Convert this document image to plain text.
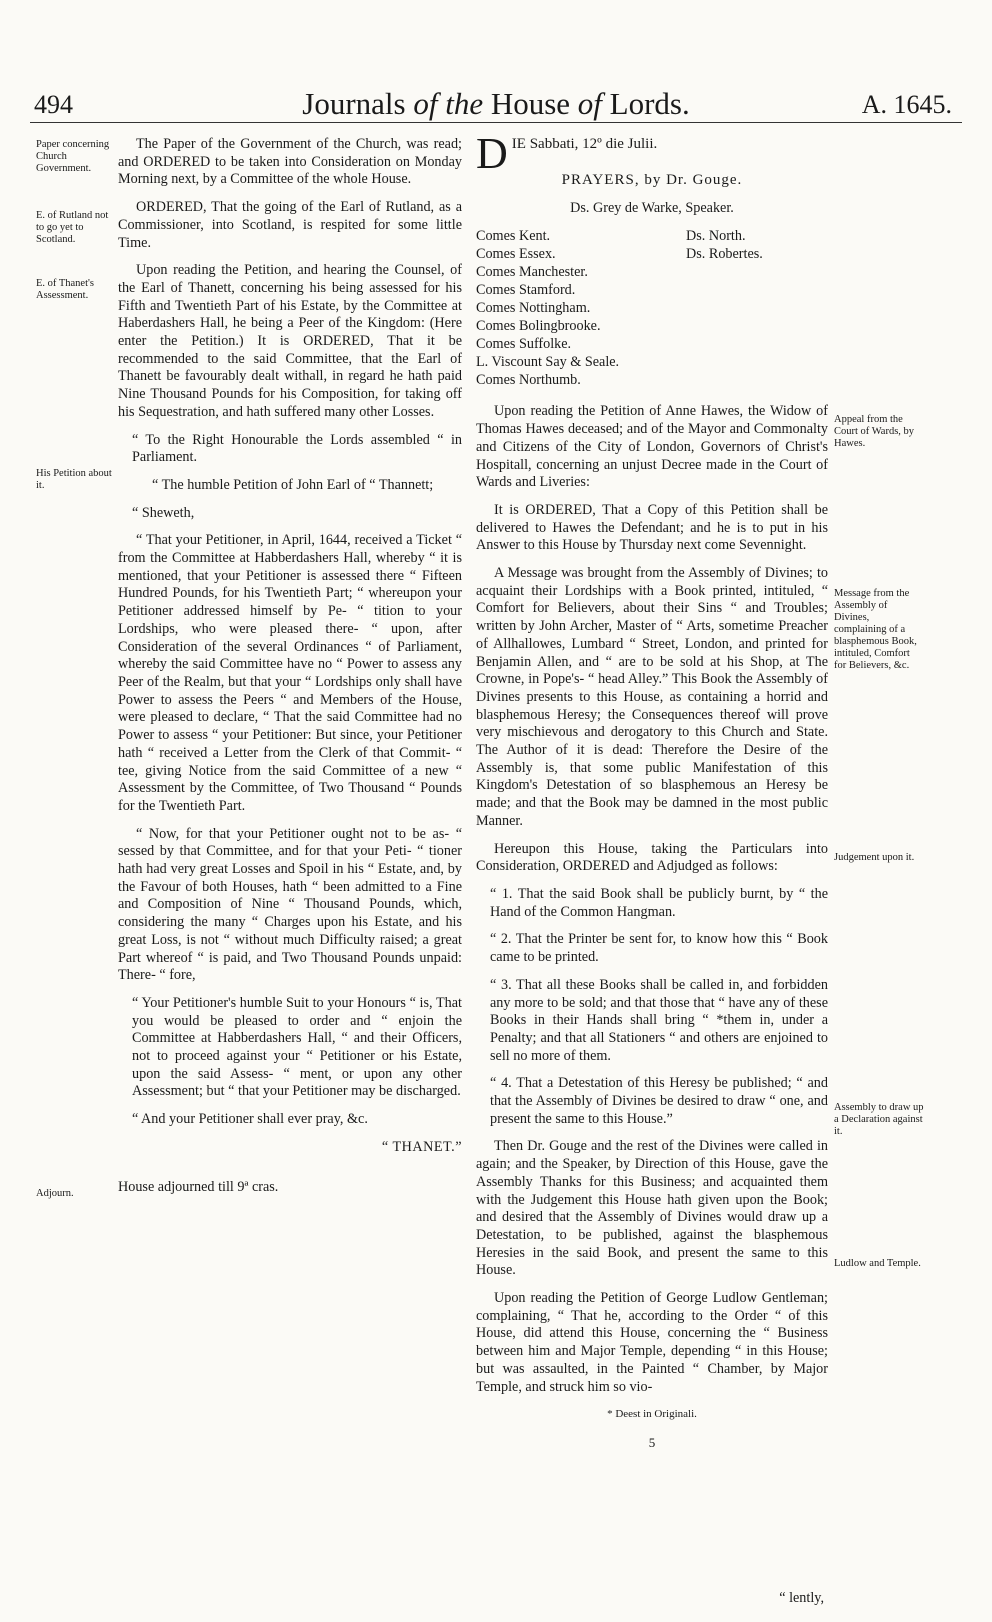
494	Journals of the House of Lords.	A. 1645.
Paper concerning Church Government.
E. of Rutland not to go yet to Scotland.
E. of Thanet's Assessment.
His Petition about it.
Adjourn.
Appeal from the Court of Wards, by Hawes.
Message from the Assembly of Divines, complaining of a blasphemous Book, intituled, Comfort for Believers, &c.
Judgement upon it.
Assembly to draw up a Declaration against it.
Ludlow and Temple.

The Paper of the Government of the Church, was read; and ORDERED to be taken into Consideration on Monday Morning next, by a Committee of the whole House.

ORDERED, That the going of the Earl of Rutland, as a Commissioner, into Scotland, is respited for some little Time.

Upon reading the Petition, and hearing the Counsel, of the Earl of Thanett, concerning his being assessed for his Fifth and Twentieth Part of his Estate, by the Committee at Haberdashers Hall, he being a Peer of the Kingdom: (Here enter the Petition.) It is ORDERED, That it be recommended to the said Committee, that the Earl of Thanett be favourably dealt withall, in regard he hath paid Nine Thousand Pounds for his Composition, for taking off his Sequestration, and hath suffered many other Losses.

“ To the Right Honourable the Lords assembled “ in Parliament.

“ The humble Petition of John Earl of “ Thannett;

“ Sheweth,

“ That your Petitioner, in April, 1644, received a Ticket “ from the Committee at Habberdashers Hall, whereby “ it is mentioned, that your Petitioner is assessed there “ Fifteen Hundred Pounds, for his Twentieth Part; “ whereupon your Petitioner addressed himself by Pe- “ tition to your Lordships, who were pleased there- “ upon, after Consideration of the several Ordinances “ of Parliament, whereby the said Committee have no “ Power to assess any Peer of the Realm, but that your “ Lordships only shall have Power to assess the Peers “ and Members of the House, were pleased to declare, “ That the said Committee had no Power to assess “ your Petitioner: But since, your Petitioner hath “ received a Letter from the Clerk of that Commit- “ tee, giving Notice from the said Committee of a new “ Assessment by the Committee, of Two Thousand “ Pounds for the Twentieth Part.

“ Now, for that your Petitioner ought not to be as- “ sessed by that Committee, and for that your Peti- “ tioner hath had very great Losses and Spoil in his “ Estate, and, by the Favour of both Houses, hath “ been admitted to a Fine and Composition of Nine “ Thousand Pounds, which, considering the many “ Charges upon his Estate, and his great Loss, is not “ without much Difficulty raised; a great Part whereof “ is paid, and Two Thousand Pounds unpaid: There- “ fore,

“ Your Petitioner's humble Suit to your Honours “ is, That you would be pleased to order and “ enjoin the Committee at Habberdashers Hall, “ and their Officers, not to proceed against your “ Petitioner or his Estate, upon the said Assess- “ ment, or upon any other Assessment; but “ that your Petitioner may be discharged.

“ And your Petitioner shall ever pray, &c.

“ THANET.”

House adjourned till 9ª cras.

DIE Sabbati, 12º die Julii.

PRAYERS, by Dr. Gouge.

Ds. Grey de Warke, Speaker.

Comes Kent.
Comes Essex.
Comes Manchester.
Comes Stamford.
Comes Nottingham.
Comes Bolingbrooke.
Comes Suffolke.
L. Viscount Say & Seale.
Comes Northumb.
Ds. North.
Ds. Robertes.

Upon reading the Petition of Anne Hawes, the Widow of Thomas Hawes deceased; and of the Mayor and Commonalty and Citizens of the City of London, Governors of Christ's Hospitall, concerning an unjust Decree made in the Court of Wards and Liveries:

It is ORDERED, That a Copy of this Petition shall be delivered to Hawes the Defendant; and he is to put in his Answer to this House by Thursday next come Sevennight.

A Message was brought from the Assembly of Divines; to acquaint their Lordships with a Book printed, intituled, “ Comfort for Believers, about their Sins “ and Troubles; written by John Archer, Master of “ Arts, sometime Preacher of Allhallowes, Lumbard “ Street, London, and printed for Benjamin Allen, and “ are to be sold at his Shop, at The Crowne, in Pope's- “ head Alley.” This Book the Assembly of Divines presents to this House, as containing a horrid and blasphemous Heresy; the Consequences thereof will prove very mischievous and derogatory to this Church and State. The Author of it is dead: Therefore the Desire of the Assembly is, that some public Manifestation of this Kingdom's Detestation of so blasphemous an Heresy be made; and that the Book may be damned in the most public Manner.

Hereupon this House, taking the Particulars into Consideration, ORDERED and Adjudged as follows:

“ 1. That the said Book shall be publicly burnt, by “ the Hand of the Common Hangman.

“ 2. That the Printer be sent for, to know how this “ Book came to be printed.

“ 3. That all these Books shall be called in, and forbidden any more to be sold; and that those that “ have any of these Books in their Hands shall bring “ *them in, under a Penalty; and that all Stationers “ and others are enjoined to sell no more of them.

“ 4. That a Detestation of this Heresy be published; “ and that the Assembly of Divines be desired to draw “ one, and present the same to this House.”

Then Dr. Gouge and the rest of the Divines were called in again; and the Speaker, by Direction of this House, gave the Assembly Thanks for this Business; and acquainted them with the Judgement this House hath given upon the Book; and desired that the Assembly of Divines would draw up a Detestation, to be published, against the blasphemous Heresies in the said Book, and present the same to this House.

Upon reading the Petition of George Ludlow Gentleman; complaining, “ That he, according to the Order “ of this House, did attend this House, concerning the “ Business between him and Major Temple, depending “ in this House; but was assaulted, in the Painted “ Chamber, by Major Temple, and struck him so vio-

* Deest in Originali.

5

“ lently,
